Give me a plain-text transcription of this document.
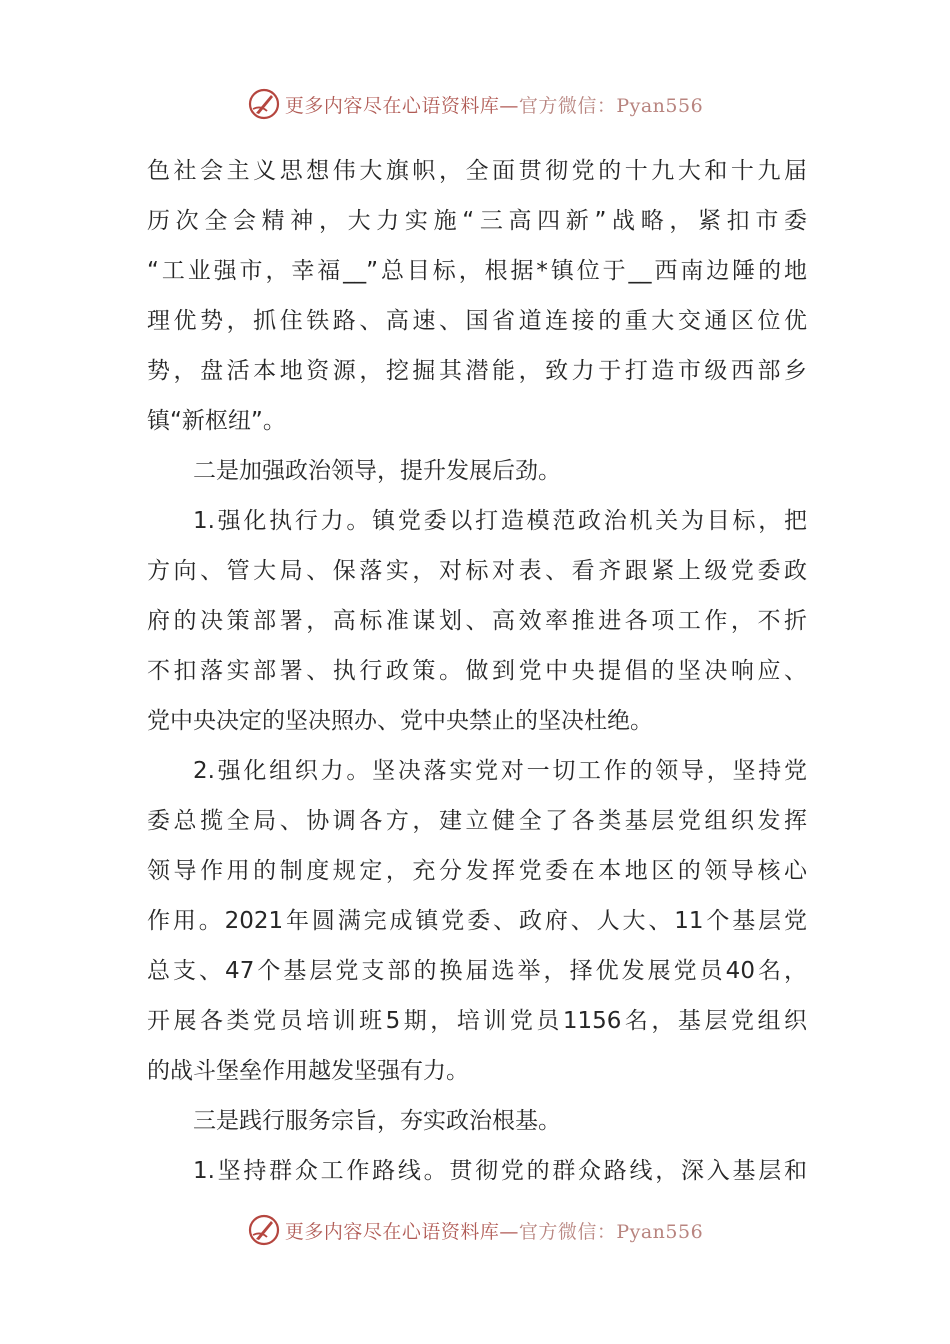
更多内容尽在心语资料库—官方微信：Pyan556
色社会主义思想伟大旗帜，全面贯彻党的十九大和十九届
历次全会精神，大力实施“三高四新”战略，紧扣市委
“工业强市，幸福__”总目标，根据*镇位于__西南边陲的地
理优势，抓住铁路、高速、国省道连接的重大交通区位优
势，盘活本地资源，挖掘其潜能，致力于打造市级西部乡
镇“新枢纽”。
二是加强政治领导，提升发展后劲。
1.强化执行力。镇党委以打造模范政治机关为目标，把
方向、管大局、保落实，对标对表、看齐跟紧上级党委政
府的决策部署，高标准谋划、高效率推进各项工作，不折
不扣落实部署、执行政策。做到党中央提倡的坚决响应、
党中央决定的坚决照办、党中央禁止的坚决杜绝。
2.强化组织力。坚决落实党对一切工作的领导，坚持党
委总揽全局、协调各方，建立健全了各类基层党组织发挥
领导作用的制度规定，充分发挥党委在本地区的领导核心
作用。2021年圆满完成镇党委、政府、人大、11个基层党
总支、47个基层党支部的换届选举，择优发展党员40名，
开展各类党员培训班5期，培训党员1156名，基层党组织
的战斗堡垒作用越发坚强有力。
三是践行服务宗旨，夯实政治根基。
1.坚持群众工作路线。贯彻党的群众路线，深入基层和
更多内容尽在心语资料库—官方微信：Pyan556
